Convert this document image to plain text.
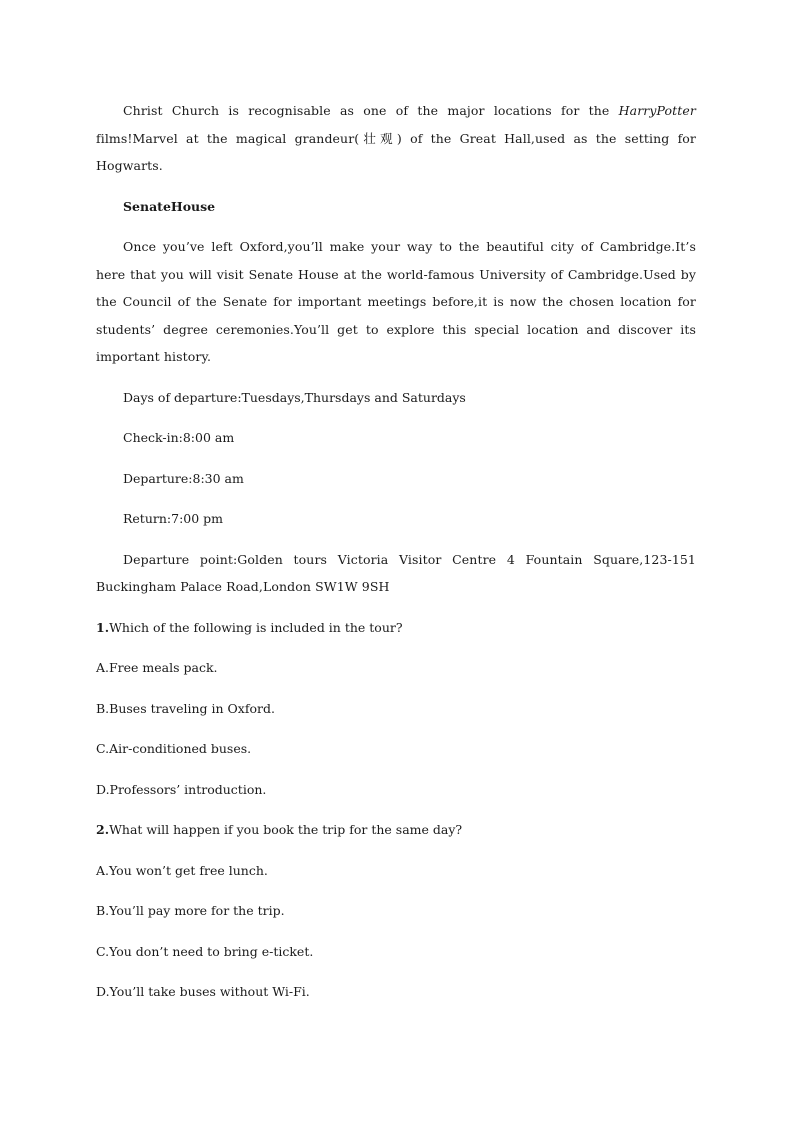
Christ Church is recognisable as one of the major locations for the HarryPotter films!Marvel at the magical grandeur(壮观) of the Great Hall,used as the setting for Hogwarts.

SenateHouse

Once you’ve left Oxford,you’ll make your way to the beautiful city of Cambridge.It’s here that you will visit Senate House at the world-famous University of Cambridge.Used by the Council of the Senate for important meetings before,it is now the chosen location for students’ degree ceremonies.You’ll get to explore this special location and discover its important history.

Days of departure:Tuesdays,Thursdays and Saturdays

Check-in:8:00 am

Departure:8:30 am

Return:7:00 pm

Departure point:Golden tours Victoria Visitor Centre 4 Fountain Square,123-151 Buckingham Palace Road,London SW1W 9SH

1.Which of the following is included in the tour?

A.Free meals pack.

B.Buses traveling in Oxford.

C.Air-conditioned buses.

D.Professors’ introduction.

2.What will happen if you book the trip for the same day?

A.You won’t get free lunch.

B.You’ll pay more for the trip.

C.You don’t need to bring e-ticket.

D.You’ll take buses without Wi-Fi.
